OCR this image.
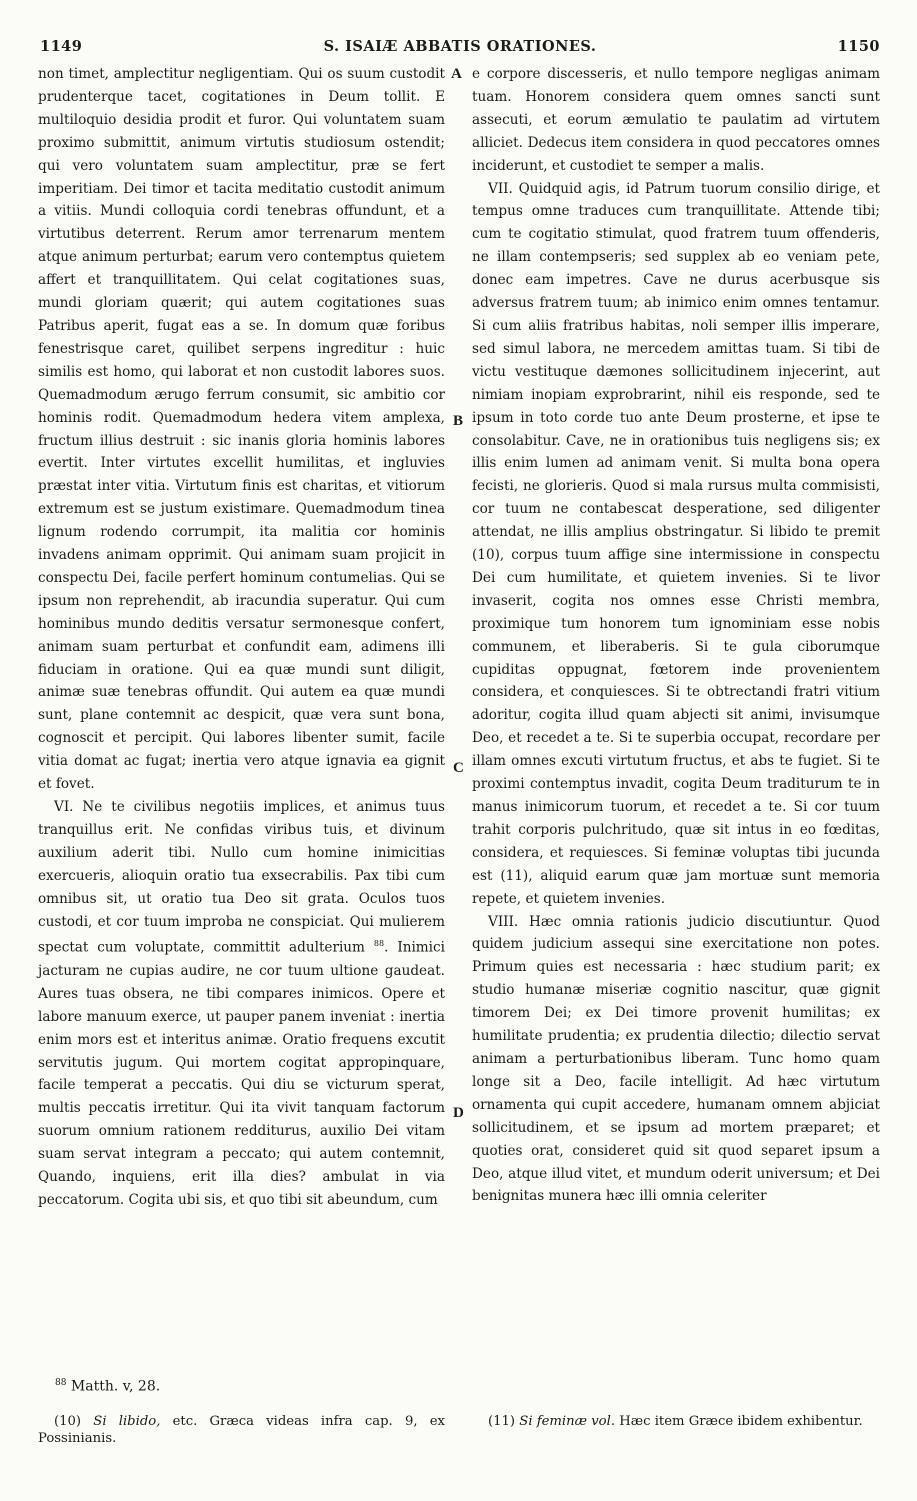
1149	S. ISAIÆ ABBATIS ORATIONES.	1150

non timet, amplectitur negligentiam. Qui os suum custodit prudenterque tacet, cogitationes in Deum tollit. E multiloquio desidia prodit et furor. Qui voluntatem suam proximo submittit, animum virtutis studiosum ostendit; qui vero voluntatem suam amplectitur, præ se fert imperitiam. Dei timor et tacita meditatio custodit animum a vitiis. Mundi colloquia cordi tenebras offundunt, et a virtutibus deterrent. Rerum amor terrenarum mentem atque animum perturbat; earum vero contemptus quietem affert et tranquillitatem. Qui celat cogitationes suas, mundi gloriam quærit; qui autem cogitationes suas Patribus aperit, fugat eas a se. In domum quæ foribus fenestrisque caret, quilibet serpens ingreditur : huic similis est homo, qui laborat et non custodit labores suos. Quemadmodum ærugo ferrum consumit, sic ambitio cor hominis rodit. Quemadmodum hedera vitem amplexa, fructum illius destruit : sic inanis gloria hominis labores evertit. Inter virtutes excellit humilitas, et ingluvies præstat inter vitia. Virtutum finis est charitas, et vitiorum extremum est se justum existimare. Quemadmodum tinea lignum rodendo corrumpit, ita malitia cor hominis invadens animam opprimit. Qui animam suam projicit in conspectu Dei, facile perfert hominum contumelias. Qui se ipsum non reprehendit, ab iracundia superatur. Qui cum hominibus mundo deditis versatur sermonesque confert, animam suam perturbat et confundit eam, adimens illi fiduciam in oratione. Qui ea quæ mundi sunt diligit, animæ suæ tenebras offundit. Qui autem ea quæ mundi sunt, plane contemnit ac despicit, quæ vera sunt bona, cognoscit et percipit. Qui labores libenter sumit, facile vitia domat ac fugat; inertia vero atque ignavia ea gignit et fovet.

VI. Ne te civilibus negotiis implices, et animus tuus tranquillus erit. Ne confidas viribus tuis, et divinum auxilium aderit tibi. Nullo cum homine inimicitias exercueris, alioquin oratio tua exsecrabilis. Pax tibi cum omnibus sit, ut oratio tua Deo sit grata. Oculos tuos custodi, et cor tuum improba ne conspiciat. Qui mulierem spectat cum voluptate, committit adulterium $^{88}$. Inimici jacturam ne cupias audire, ne cor tuum ultione gaudeat. Aures tuas obsera, ne tibi compares inimicos. Opere et labore manuum exerce, ut pauper panem inveniat : inertia enim mors est et interitus animæ. Oratio frequens excutit servitutis jugum. Qui mortem cogitat appropinquare, facile temperat a peccatis. Qui diu se victurum sperat, multis peccatis irretitur. Qui ita vivit tanquam factorum suorum omnium rationem redditurus, auxilio Dei vitam suam servat integram a peccato; qui autem contemnit, Quando, inquiens, erit illa dies? ambulat in via peccatorum. Cogita ubi sis, et quo tibi sit abeundum, cum

e corpore discesseris, et nullo tempore negligas animam tuam. Honorem considera quem omnes sancti sunt assecuti, et eorum æmulatio te paulatim ad virtutem alliciet. Dedecus item considera in quod peccatores omnes inciderunt, et custodiet te semper a malis.

VII. Quidquid agis, id Patrum tuorum consilio dirige, et tempus omne traduces cum tranquillitate. Attende tibi; cum te cogitatio stimulat, quod fratrem tuum offenderis, ne illam contempseris; sed supplex ab eo veniam pete, donec eam impetres. Cave ne durus acerbusque sis adversus fratrem tuum; ab inimico enim omnes tentamur. Si cum aliis fratribus habitas, noli semper illis imperare, sed simul labora, ne mercedem amittas tuam. Si tibi de victu vestituque dæmones sollicitudinem injecerint, aut nimiam inopiam exprobrarint, nihil eis responde, sed te ipsum in toto corde tuo ante Deum prosterne, et ipse te consolabitur. Cave, ne in orationibus tuis negligens sis; ex illis enim lumen ad animam venit. Si multa bona opera fecisti, ne glorieris. Quod si mala rursus multa commisisti, cor tuum ne contabescat desperatione, sed diligenter attendat, ne illis amplius obstringatur. Si libido te premit (10), corpus tuum affige sine intermissione in conspectu Dei cum humilitate, et quietem invenies. Si te livor invaserit, cogita nos omnes esse Christi membra, proximique tum honorem tum ignominiam esse nobis communem, et liberaberis. Si te gula ciborumque cupiditas oppugnat, fœtorem inde provenientem considera, et conquiesces. Si te obtrectandi fratri vitium adoritur, cogita illud quam abjecti sit animi, invisumque Deo, et recedet a te. Si te superbia occupat, recordare per illam omnes excuti virtutum fructus, et abs te fugiet. Si te proximi contemptus invadit, cogita Deum traditurum te in manus inimicorum tuorum, et recedet a te. Si cor tuum trahit corporis pulchritudo, quæ sit intus in eo fœditas, considera, et requiesces. Si feminæ voluptas tibi jucunda est (11), aliquid earum quæ jam mortuæ sunt memoria repete, et quietem invenies.

VIII. Hæc omnia rationis judicio discutiuntur. Quod quidem judicium assequi sine exercitatione non potes. Primum quies est necessaria : hæc studium parit; ex studio humanæ miseriæ cognitio nascitur, quæ gignit timorem Dei; ex Dei timore provenit humilitas; ex humilitate prudentia; ex prudentia dilectio; dilectio servat animam a perturbationibus liberam. Tunc homo quam longe sit a Deo, facile intelligit. Ad hæc virtutum ornamenta qui cupit accedere, humanam omnem abjiciat sollicitudinem, et se ipsum ad mortem præparet; et quoties orat, consideret quid sit quod separet ipsum a Deo, atque illud vitet, et mundum oderit universum; et Dei benignitas munera hæc illi omnia celeriter

A
B
C
D
$^{88}$ Matth. v, 28.
(10) Si libido, etc. Græca videas infra cap. 9, ex Possinianis.
(11) Si feminæ vol. Hæc item Græce ibidem exhibentur.
